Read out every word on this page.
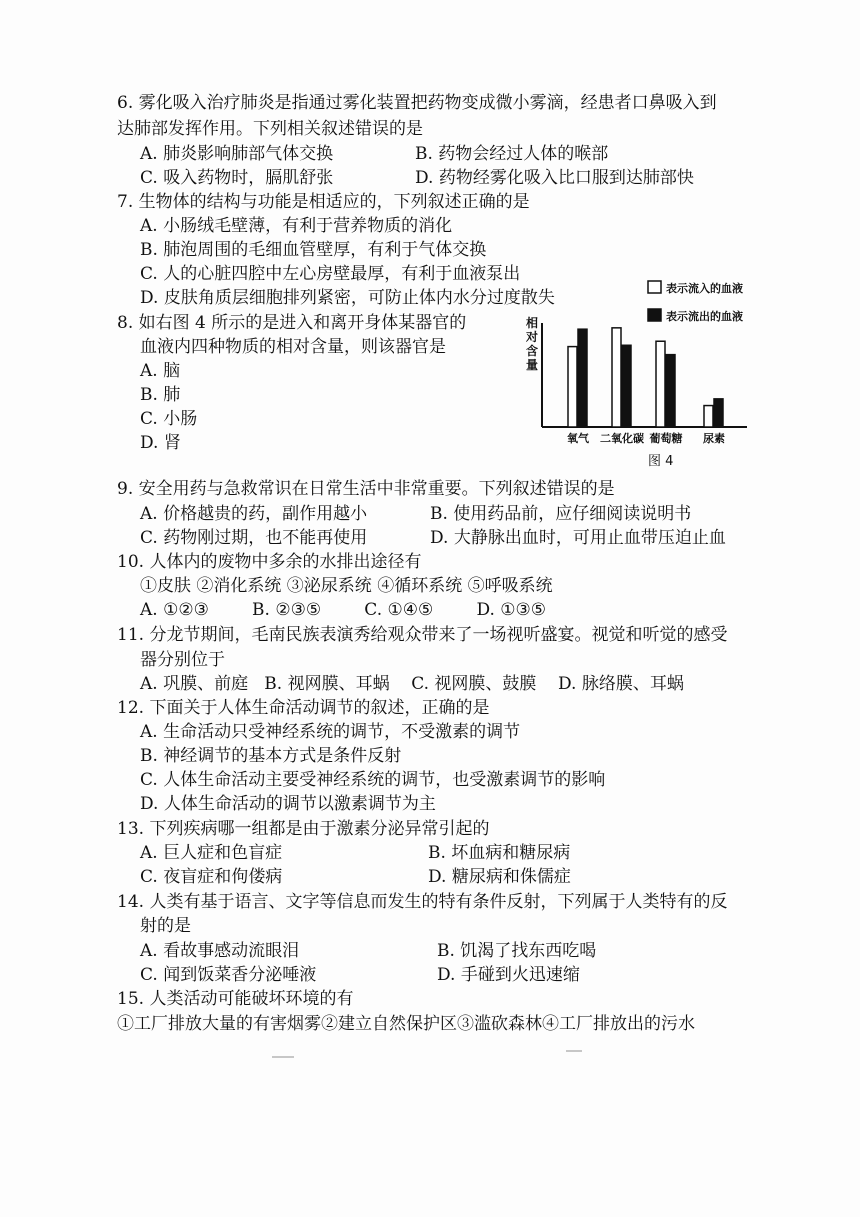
6. 雾化吸入治疗肺炎是指通过雾化装置把药物变成微小雾滴，经患者口鼻吸入到
达肺部发挥作用。下列相关叙述错误的是
A. 肺炎影响肺部气体交换	B. 药物会经过人体的喉部
C. 吸入药物时，膈肌舒张	D. 药物经雾化吸入比口服到达肺部快
7. 生物体的结构与功能是相适应的，下列叙述正确的是
A. 小肠绒毛壁薄，有利于营养物质的消化
B. 肺泡周围的毛细血管壁厚，有利于气体交换
C. 人的心脏四腔中左心房壁最厚，有利于血液泵出
D. 皮肤角质层细胞排列紧密，可防止体内水分过度散失
8. 如右图 4 所示的是进入和离开身体某器官的
血液内四种物质的相对含量，则该器官是
A. 脑
B. 肺
C. 小肠
D. 肾
表示流入的血液
表示流出的血液
相对含量
氧气 二氧化碳 葡萄糖 尿素
图 4
9. 安全用药与急救常识在日常生活中非常重要。下列叙述错误的是
A. 价格越贵的药，副作用越小	B. 使用药品前，应仔细阅读说明书
C. 药物刚过期，也不能再使用	D. 大静脉出血时，可用止血带压迫止血
10. 人体内的废物中多余的水排出途径有
①皮肤 ②消化系统 ③泌尿系统 ④循环系统 ⑤呼吸系统
A. ①②③        B. ②③⑤        C. ①④⑤        D. ①③⑤
11. 分龙节期间，毛南民族表演秀给观众带来了一场视听盛宴。视觉和听觉的感受
器分别位于
A. 巩膜、前庭   B. 视网膜、耳蜗    C. 视网膜、鼓膜    D. 脉络膜、耳蜗
12. 下面关于人体生命活动调节的叙述，正确的是
A. 生命活动只受神经系统的调节，不受激素的调节
B. 神经调节的基本方式是条件反射
C. 人体生命活动主要受神经系统的调节，也受激素调节的影响
D. 人体生命活动的调节以激素调节为主
13. 下列疾病哪一组都是由于激素分泌异常引起的
A. 巨人症和色盲症	B. 坏血病和糖尿病
C. 夜盲症和佝偻病	D. 糖尿病和侏儒症
14. 人类有基于语言、文字等信息而发生的特有条件反射，下列属于人类特有的反
射的是
A. 看故事感动流眼泪	B. 饥渴了找东西吃喝
C. 闻到饭菜香分泌唾液	D. 手碰到火迅速缩
15. 人类活动可能破坏环境的有
①工厂排放大量的有害烟雾②建立自然保护区③滥砍森林④工厂排放出的污水
